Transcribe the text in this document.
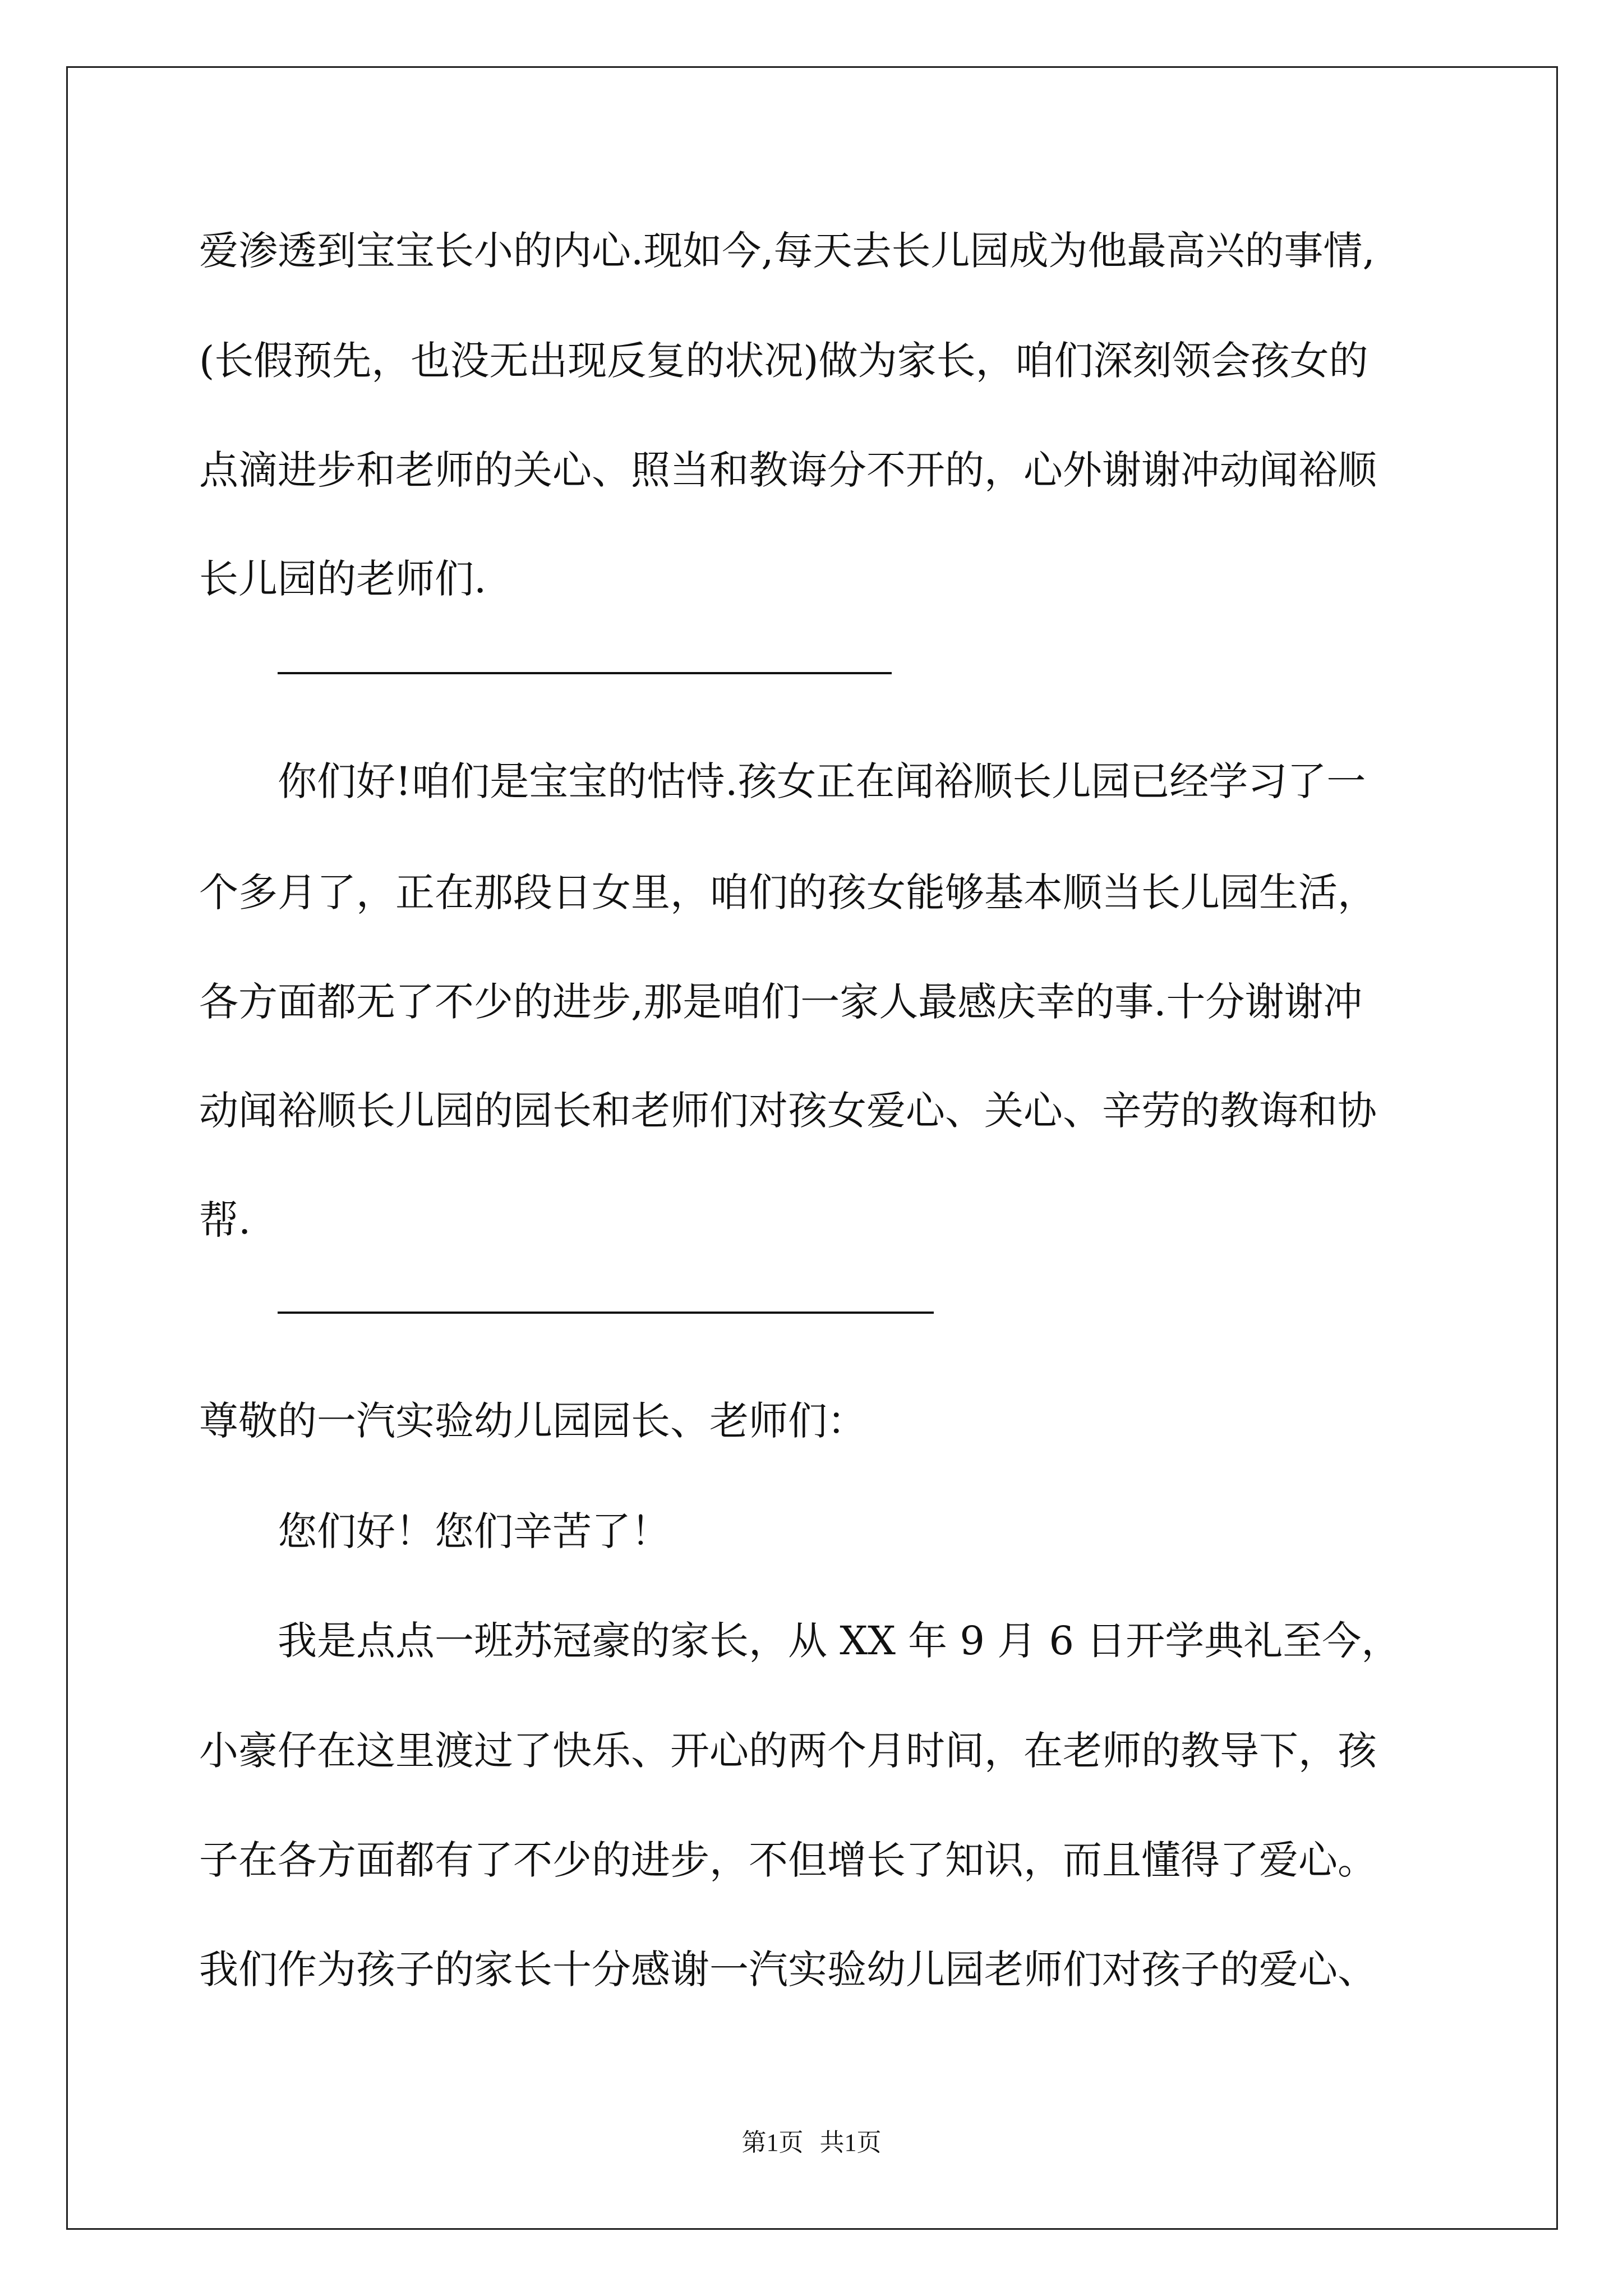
爱渗透到宝宝长小的内心.现如今,每天去长儿园成为他最高兴的事情,
(长假预先，也没无出现反复的状况)做为家长，咱们深刻领会孩女的
点滴进步和老师的关心、照当和教诲分不开的，心外谢谢冲动闻裕顺
长儿园的老师们.
你们好!咱们是宝宝的怙恃.孩女正在闻裕顺长儿园已经学习了一
个多月了，正在那段日女里，咱们的孩女能够基本顺当长儿园生活，
各方面都无了不少的进步,那是咱们一家人最感庆幸的事.十分谢谢冲
动闻裕顺长儿园的园长和老师们对孩女爱心、关心、辛劳的教诲和协
帮.
尊敬的一汽实验幼儿园园长、老师们：
您们好！您们辛苦了！
我是点点一班苏冠豪的家长，从 XX 年 9 月 6 日开学典礼至今，
小豪仔在这里渡过了快乐、开心的两个月时间，在老师的教导下，孩
子在各方面都有了不少的进步，不但增长了知识，而且懂得了爱心。
我们作为孩子的家长十分感谢一汽实验幼儿园老师们对孩子的爱心、
第1页 共1页
